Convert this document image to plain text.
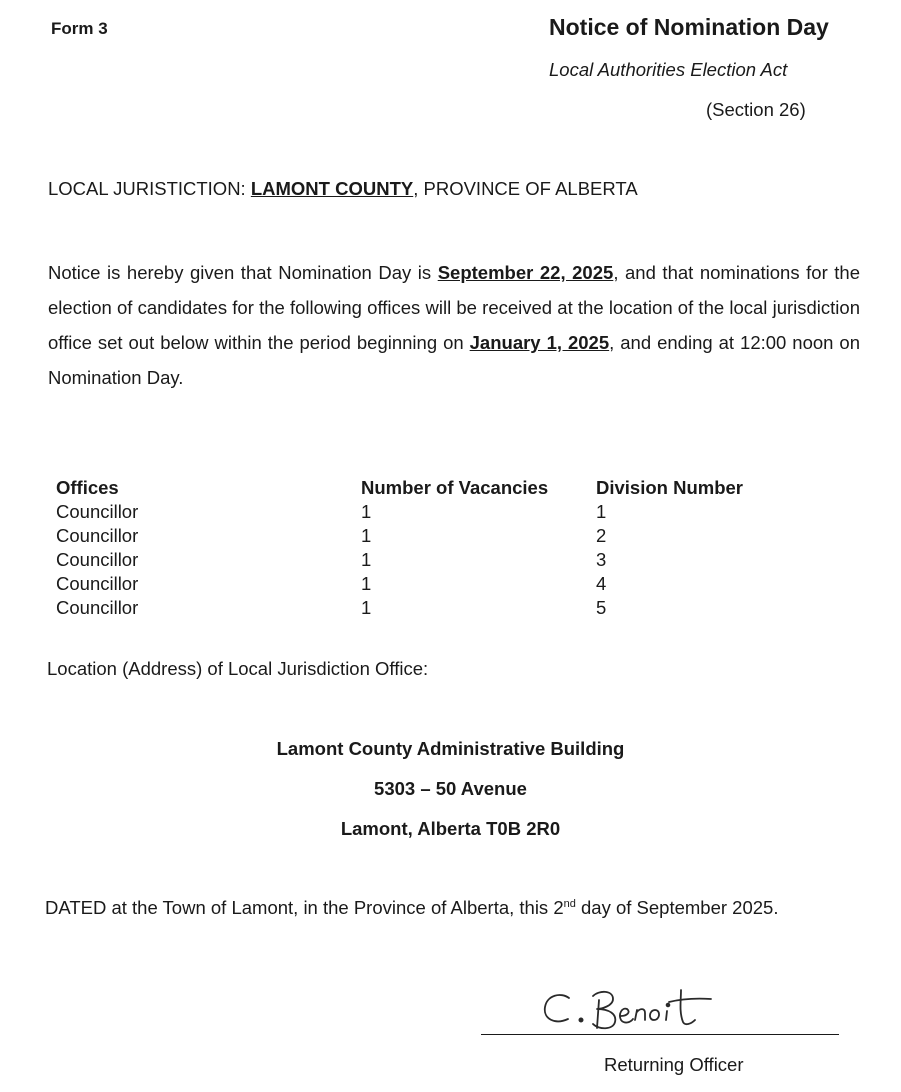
Form 3	Notice of Nomination Day
Local Authorities Election Act
(Section 26)
LOCAL JURISTICTION: LAMONT COUNTY, PROVINCE OF ALBERTA
Notice is hereby given that Nomination Day is September 22, 2025, and that nominations for the election of candidates for the following offices will be received at the location of the local jurisdiction office set out below within the period beginning on January 1, 2025, and ending at 12:00 noon on Nomination Day.
Offices	Number of Vacancies	Division Number
Councillor	1	1
Councillor	1	2
Councillor	1	3
Councillor	1	4
Councillor	1	5
Location (Address) of Local Jurisdiction Office:
Lamont County Administrative Building
5303 – 50 Avenue
Lamont, Alberta T0B 2R0
DATED at the Town of Lamont, in the Province of Alberta, this 2nd day of September 2025.
Returning Officer
